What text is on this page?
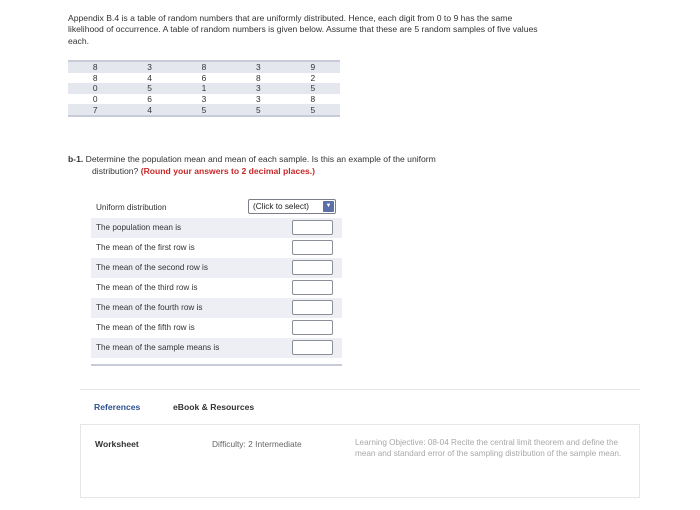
Appendix B.4 is a table of random numbers that are uniformly distributed. Hence, each digit from 0 to 9 has the same likelihood of occurrence. A table of random numbers is given below. Assume that these are 5 random samples of five values each.
8	3	8	3	9
8	4	6	8	2
0	5	1	3	5
0	6	3	3	8
7	4	5	5	5
b-1. Determine the population mean and mean of each sample. Is this an example of the uniform
distribution? (Round your answers to 2 decimal places.)
Uniform distribution	(Click to select)	▼
The population mean is
The mean of the first row is
The mean of the second row is
The mean of the third row is
The mean of the fourth row is
The mean of the fifth row is
The mean of the sample means is
References	eBook & Resources
Worksheet	Difficulty: 2 Intermediate	Learning Objective: 08-04 Recite the central limit theorem and define the mean and standard error of the sampling distribution of the sample mean.
